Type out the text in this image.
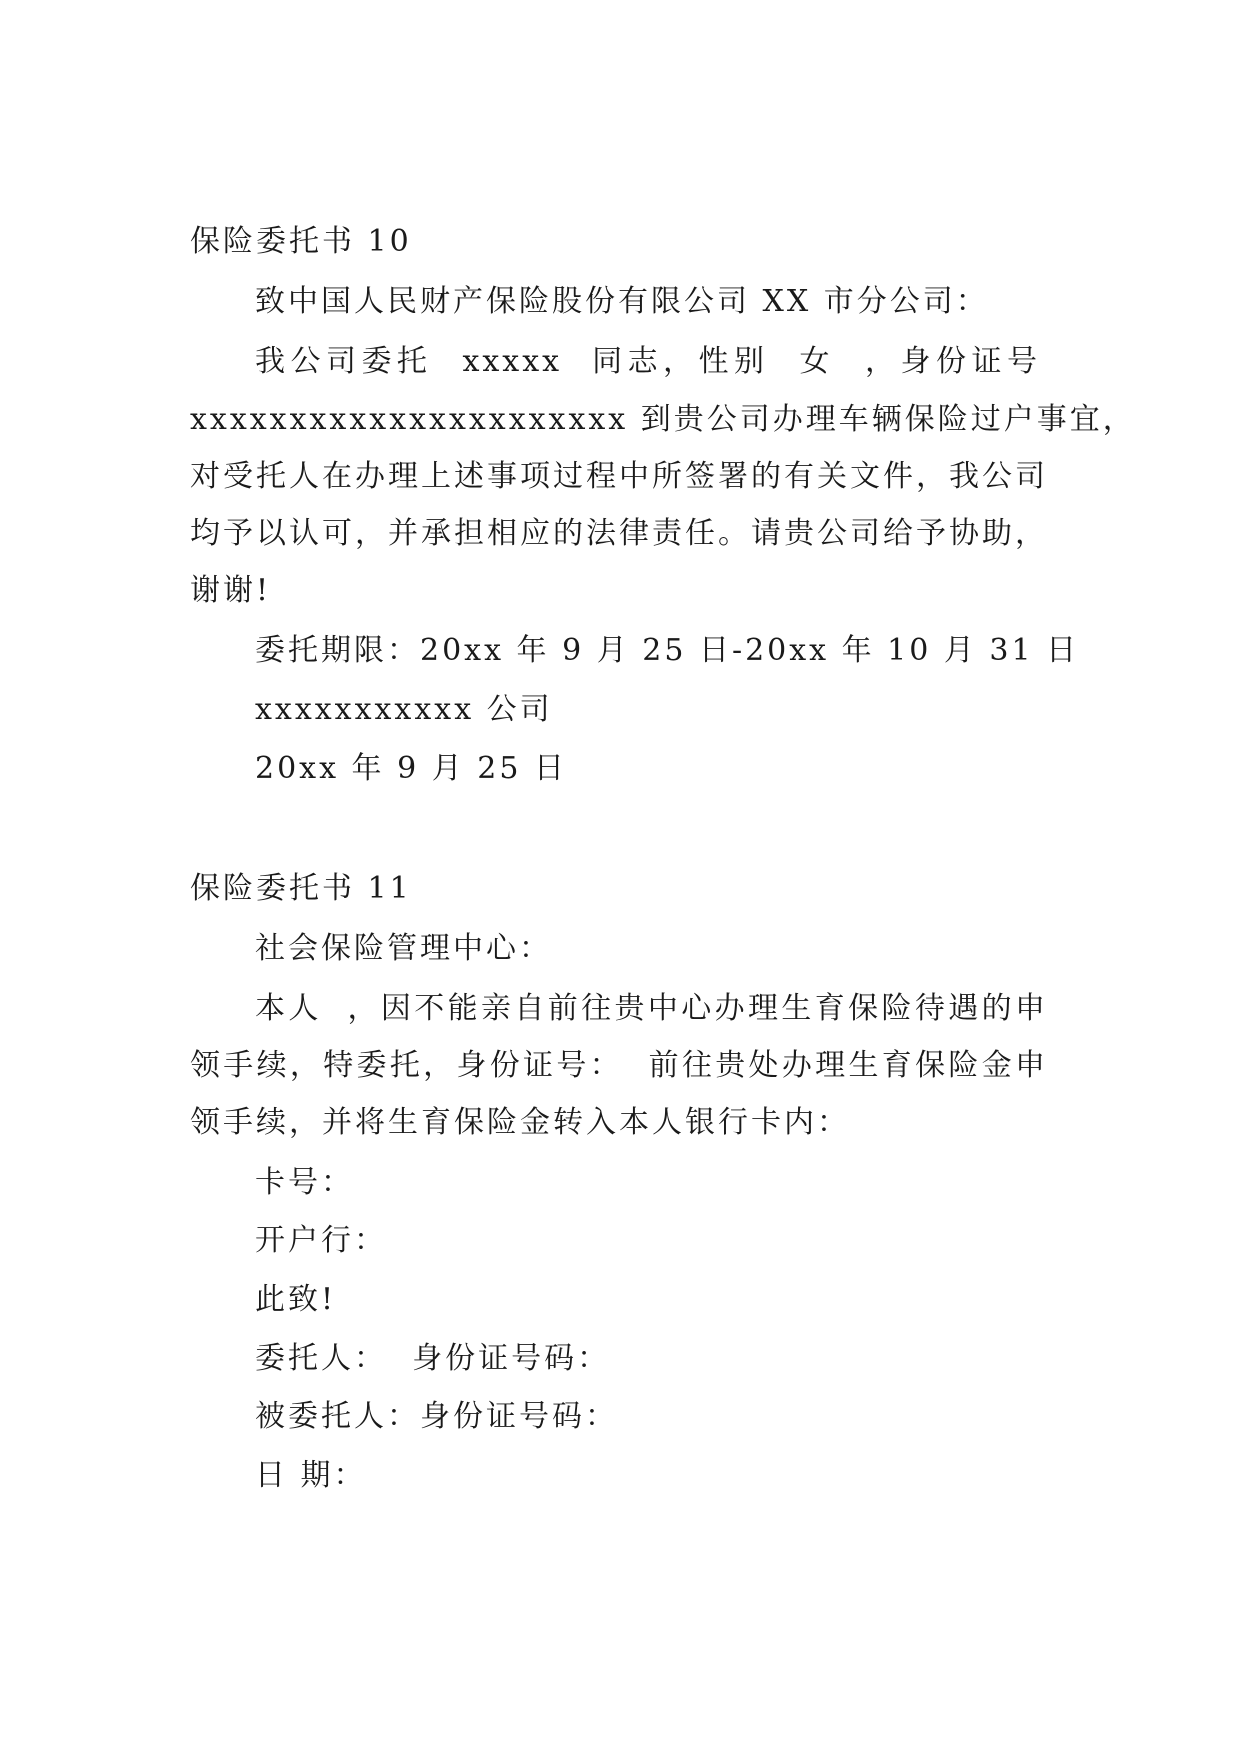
保险委托书 10
致中国人民财产保险股份有限公司 XX 市分公司：
我公司委托  xxxxx  同志，性别  女  ，身份证号
xxxxxxxxxxxxxxxxxxxxxx 到贵公司办理车辆保险过户事宜，
对受托人在办理上述事项过程中所签署的有关文件，我公司
均予以认可，并承担相应的法律责任。请贵公司给予协助，
谢谢!
委托期限：20xx 年 9 月 25 日-20xx 年 10 月 31 日
xxxxxxxxxxx 公司
20xx 年 9 月 25 日
保险委托书 11
社会保险管理中心：
本人  ，因不能亲自前往贵中心办理生育保险待遇的申
领手续，特委托，身份证号：  前往贵处办理生育保险金申
领手续，并将生育保险金转入本人银行卡内：
卡号：
开户行：
此致!
委托人：  身份证号码：
被委托人：身份证号码：
日 期：
